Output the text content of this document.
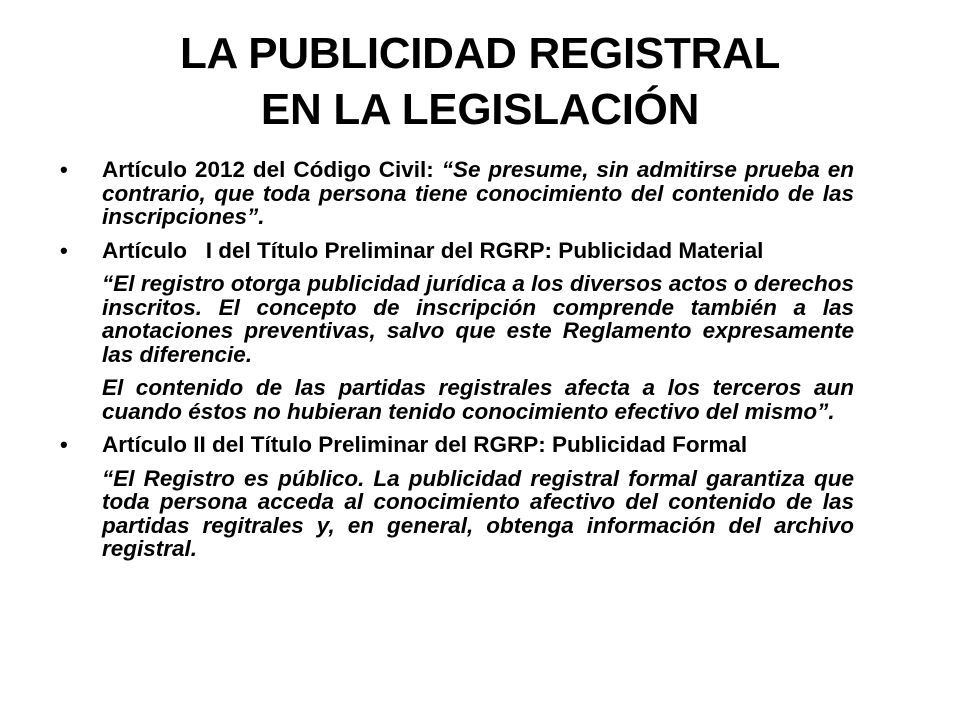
LA PUBLICIDAD REGISTRAL
EN LA LEGISLACIÓN
•	Artículo 2012 del Código Civil: “Se presume, sin admitirse prueba en contrario, que toda persona tiene conocimiento del contenido de las inscripciones”.
•	Artículo   I del Título Preliminar del RGRP: Publicidad Material
“El registro otorga publicidad jurídica a los diversos actos o derechos inscritos. El concepto de inscripción comprende también a las anotaciones preventivas, salvo que este Reglamento expresamente las diferencie.
El contenido de las partidas registrales afecta a los terceros aun cuando éstos no hubieran tenido conocimiento efectivo del mismo”.
•	Artículo II del Título Preliminar del RGRP: Publicidad Formal
“El Registro es público. La publicidad registral formal garantiza que toda persona acceda al conocimiento afectivo del contenido de las partidas regitrales y, en general, obtenga información del archivo registral.
